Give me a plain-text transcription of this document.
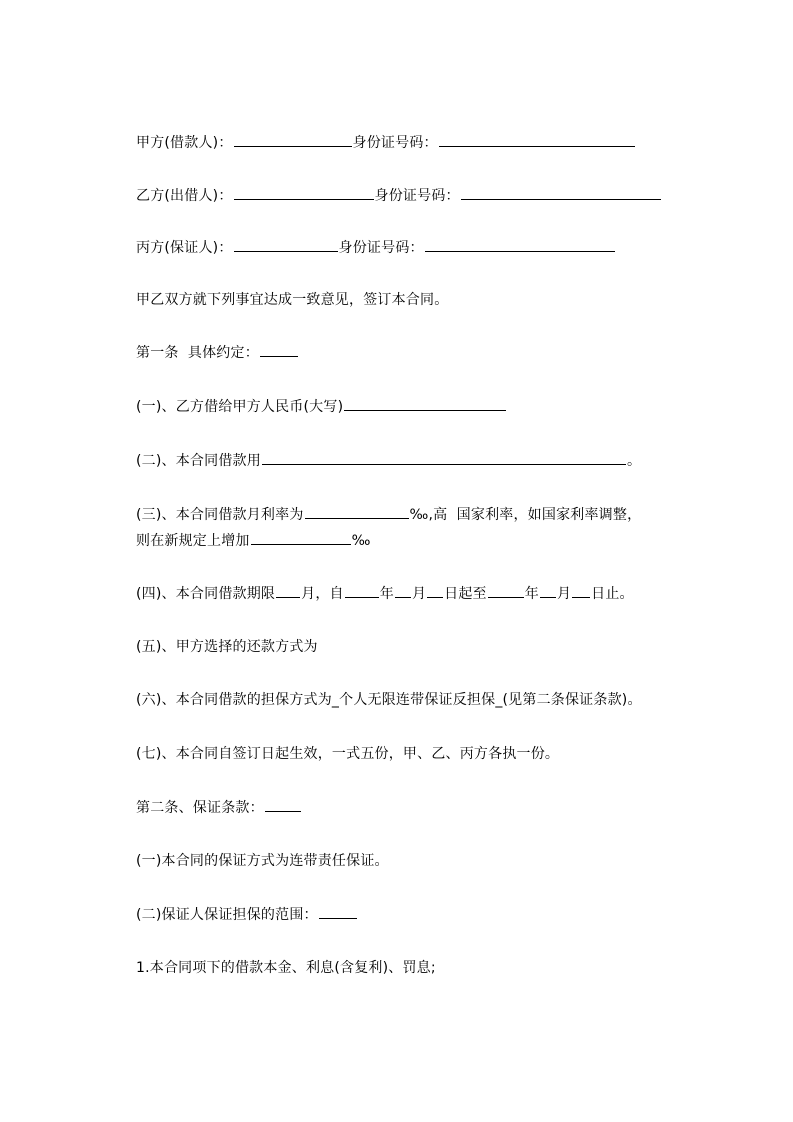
甲方(借款人)：	身份证号码：
乙方(出借人)：	身份证号码：
丙方(保证人)：	身份证号码：
甲乙双方就下列事宜达成一致意见，签订本合同。
第一条  具体约定：
(一)、乙方借给甲方人民币(大写)
(二)、本合同借款用	。
(三)、本合同借款月利率为	‰,高  国家利率，如国家利率调整，
则在新规定上增加	‰
(四)、本合同借款期限 月，自	年 月 日起至	年 月 日止。
(五)、甲方选择的还款方式为
(六)、本合同借款的担保方式为_个人无限连带保证反担保_(见第二条保证条款)。
(七)、本合同自签订日起生效，一式五份，甲、乙、丙方各执一份。
第二条、保证条款：
(一)本合同的保证方式为连带责任保证。
(二)保证人保证担保的范围：
1.本合同项下的借款本金、利息(含复利)、罚息;
